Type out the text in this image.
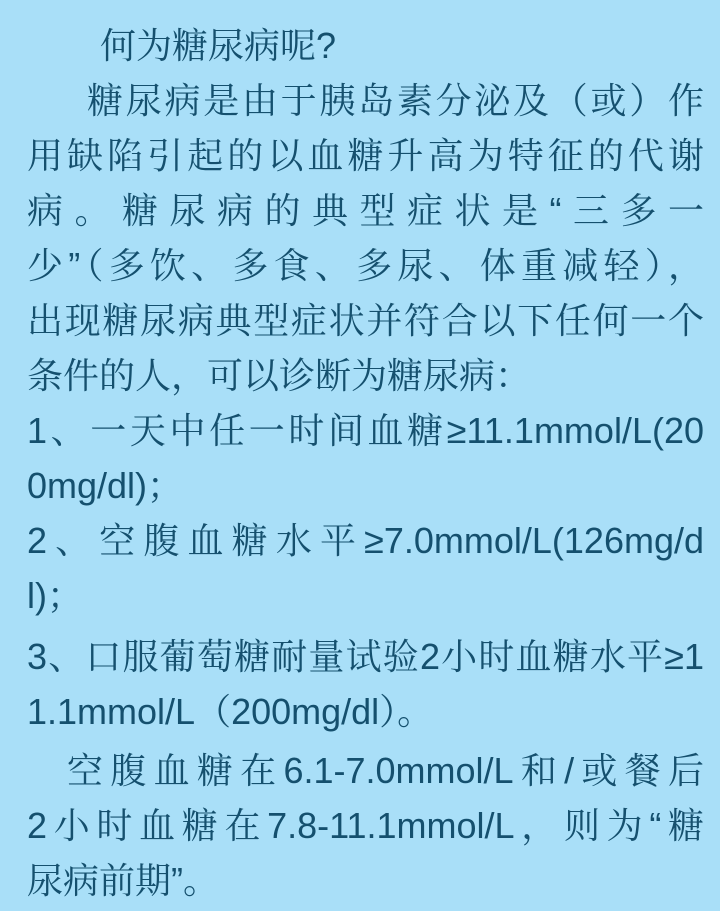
何为糖尿病呢?
糖尿病是由于胰岛素分泌及（或）作
用缺陷引起的以血糖升高为特征的代谢
病。糖尿病的典型症状是“三多一
少”（多饮、多食、多尿、体重减轻），
出现糖尿病典型症状并符合以下任何一个
条件的人，可以诊断为糖尿病：
1、一天中任一时间血糖≥11.1mmol/L(20
0mg/dl)；
2、空腹血糖水平≥7.0mmol/L(126mg/d
l)；
3、口服葡萄糖耐量试验2小时血糖水平≥1
1.1mmol/L（200mg/dl）。
空腹血糖在6.1-7.0mmol/L和/或餐后
2小时血糖在7.8-11.1mmol/L，则为“糖
尿病前期”。
